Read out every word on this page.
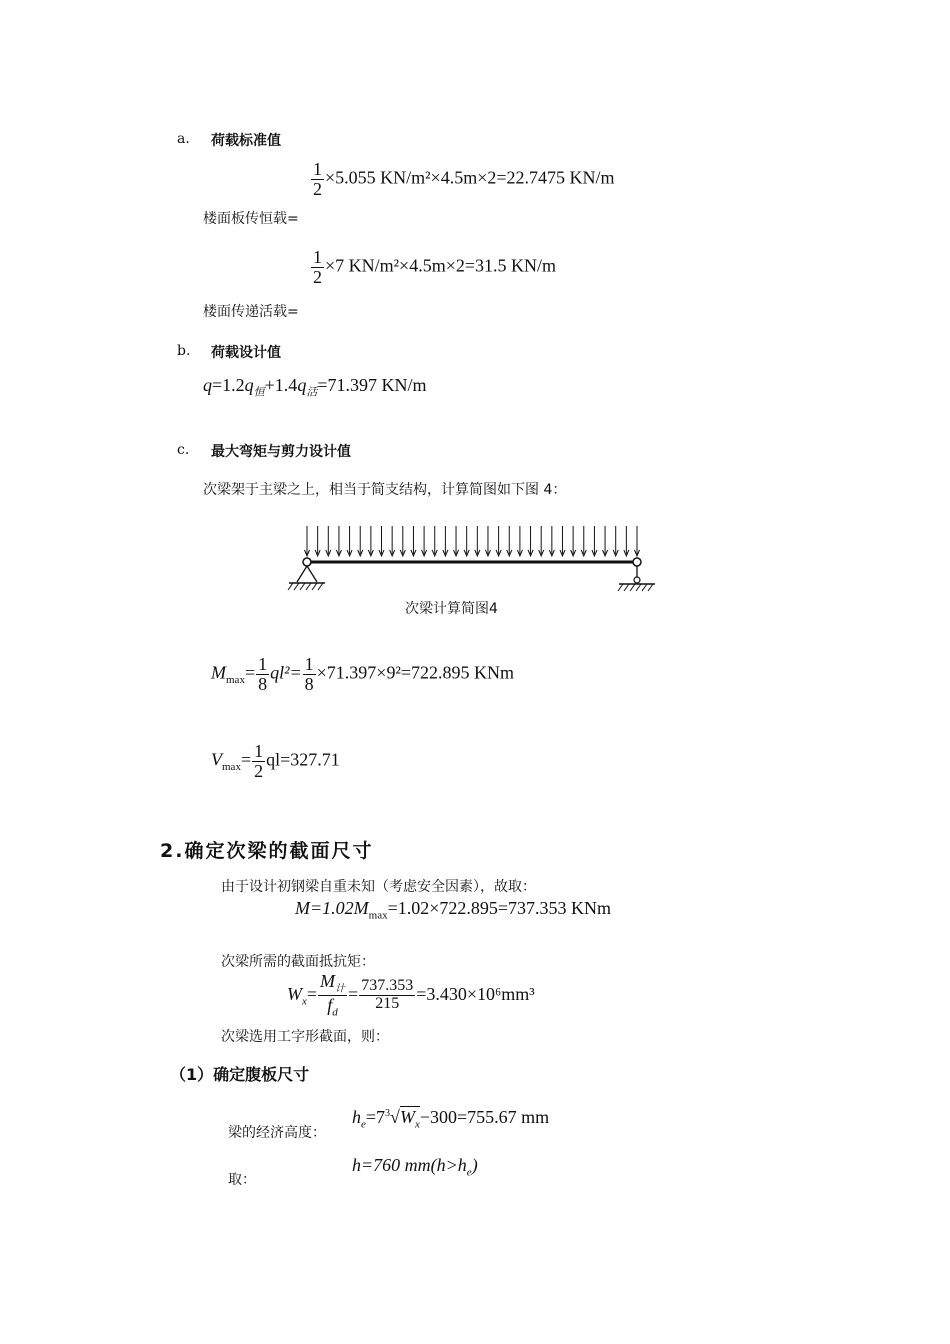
a. 荷载标准值
$\frac{1}{2} \times 5.055$ KN/m²×4.5m×2=22.7475 KN/m
楼面板传恒载=
$\frac{1}{2} \times 7$ KN/m²×4.5m×2=31.5 KN/m
楼面传递活载=
b. 荷载设计值
$q=1.2q_恒+1.4q_活=71.397$ KN/m
c. 最大弯矩与剪力设计值
次梁架于主梁之上，相当于简支结构，计算简图如下图 4：
次梁计算简图4
$M_{max}= \frac{1}{8} ql^2= \frac{1}{8} \times 71.397\times 9^2=722.895$ KNm
$V_{max}= \frac{1}{2} ql=327.71$
2.确定次梁的截面尺寸
由于设计初钢梁自重未知（考虑安全因素），故取：
$M=1.02M_{max}=1.02\times 722.895=737.353$ KNm
次梁所需的截面抵抗矩：
$W_x= \frac{M_计}{f_d} = \frac{737.353}{215} =3.430\times 10^6mm^3$
次梁选用工字形截面，则：
（1）确定腹板尺寸
梁的经济高度：
$h_e=7^3√W_x-300=755.67$ mm
取：
h=760 $mm(h>h_e)$
